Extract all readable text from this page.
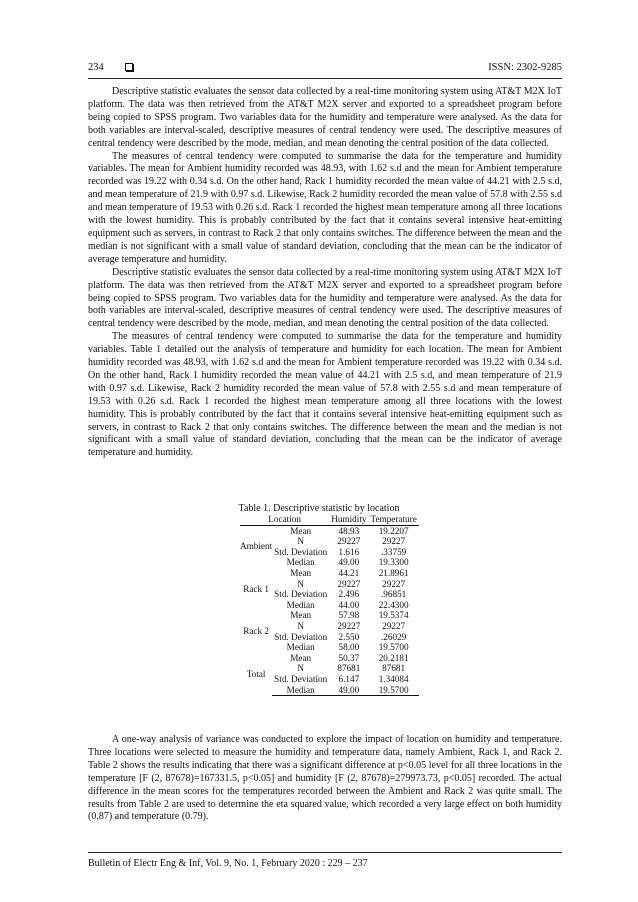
234	ISSN: 2302-9285

Descriptive statistic evaluates the sensor data collected by a real-time monitoring system using AT&T M2X IoT platform. The data was then retrieved from the AT&T M2X server and exported to a spreadsheet program before being copied to SPSS program. Two variables data for the humidity and temperature were analysed. As the data for both variables are interval-scaled, descriptive measures of central tendency were used. The descriptive measures of central tendency were described by the mode, median, and mean denoting the central position of the data collected.

The measures of central tendency were computed to summarise the data for the temperature and humidity variables. The mean for Ambient humidity recorded was 48.93, with 1.62 s.d and the mean for Ambient temperature recorded was 19.22 with 0.34 s.d. On the other hand, Rack 1 humidity recorded the mean value of 44.21 with 2.5 s.d, and mean temperature of 21.9 with 0.97 s.d. Likewise, Rack 2 humidity recorded the mean value of 57.8 with 2.55 s.d and mean temperature of 19.53 with 0.26 s.d. Rack 1 recorded the highest mean temperature among all three locations with the lowest humidity. This is probably contributed by the fact that it contains several intensive heat-emitting equipment such as servers, in contrast to Rack 2 that only contains switches. The difference between the mean and the median is not significant with a small value of standard deviation, concluding that the mean can be the indicator of average temperature and humidity.

Descriptive statistic evaluates the sensor data collected by a real-time monitoring system using AT&T M2X IoT platform. The data was then retrieved from the AT&T M2X server and exported to a spreadsheet program before being copied to SPSS program. Two variables data for the humidity and temperature were analysed. As the data for both variables are interval-scaled, descriptive measures of central tendency were used. The descriptive measures of central tendency were described by the mode, median, and mean denoting the central position of the data collected.

The measures of central tendency were computed to summarise the data for the temperature and humidity variables. Table 1 detailed out the analysis of temperature and humidity for each location. The mean for Ambient humidity recorded was 48.93, with 1.62 s.d and the mean for Ambient temperature recorded was 19.22 with 0.34 s.d. On the other hand, Rack 1 humidity recorded the mean value of 44.21 with 2.5 s.d, and mean temperature of 21.9 with 0.97 s.d. Likewise, Rack 2 humidity recorded the mean value of 57.8 with 2.55 s.d and mean temperature of 19.53 with 0.26 s.d. Rack 1 recorded the highest mean temperature among all three locations with the lowest humidity. This is probably contributed by the fact that it contains several intensive heat-emitting equipment such as servers, in contrast to Rack 2 that only contains switches. The difference between the mean and the median is not significant with a small value of standard deviation, concluding that the mean can be the indicator of average temperature and humidity.

Table 1. Descriptive statistic by location
Location		Humidity	Temperature
Ambient	Mean	48.93	19.2207
	N	29227	29227
	Std. Deviation	1.616	.33759
	Median	49.00	19.3300
Rack 1	Mean	44.21	21.8961
	N	29227	29227
	Std. Deviation	2.496	.96851
	Median	44.00	22.4300
Rack 2	Mean	57.98	19.5374
	N	29227	29227
	Std. Deviation	2.550	.26029
	Median	58.00	19.5700
Total	Mean	50.37	20.2181
	N	87681	87681
	Std. Deviation	6.147	1.34084
	Median	49.00	19.5700

A one-way analysis of variance was conducted to explore the impact of location on humidity and temperature. Three locations were selected to measure the humidity and temperature data, namely Ambient, Rack 1, and Rack 2. Table 2 shows the results indicating that there was a significant difference at p<0.05 level for all three locations in the temperature [F (2, 87678)=167331.5, p<0.05] and humidity [F (2, 87678)=279973.73, p<0.05] recorded. The actual difference in the mean scores for the temperatures recorded between the Ambient and Rack 2 was quite small. The results from Table 2 are used to determine the eta squared value, which recorded a very large effect on both humidity (0.87) and temperature (0.79).

Bulletin of Electr Eng & Inf, Vol. 9, No. 1, February 2020 : 229 – 237
